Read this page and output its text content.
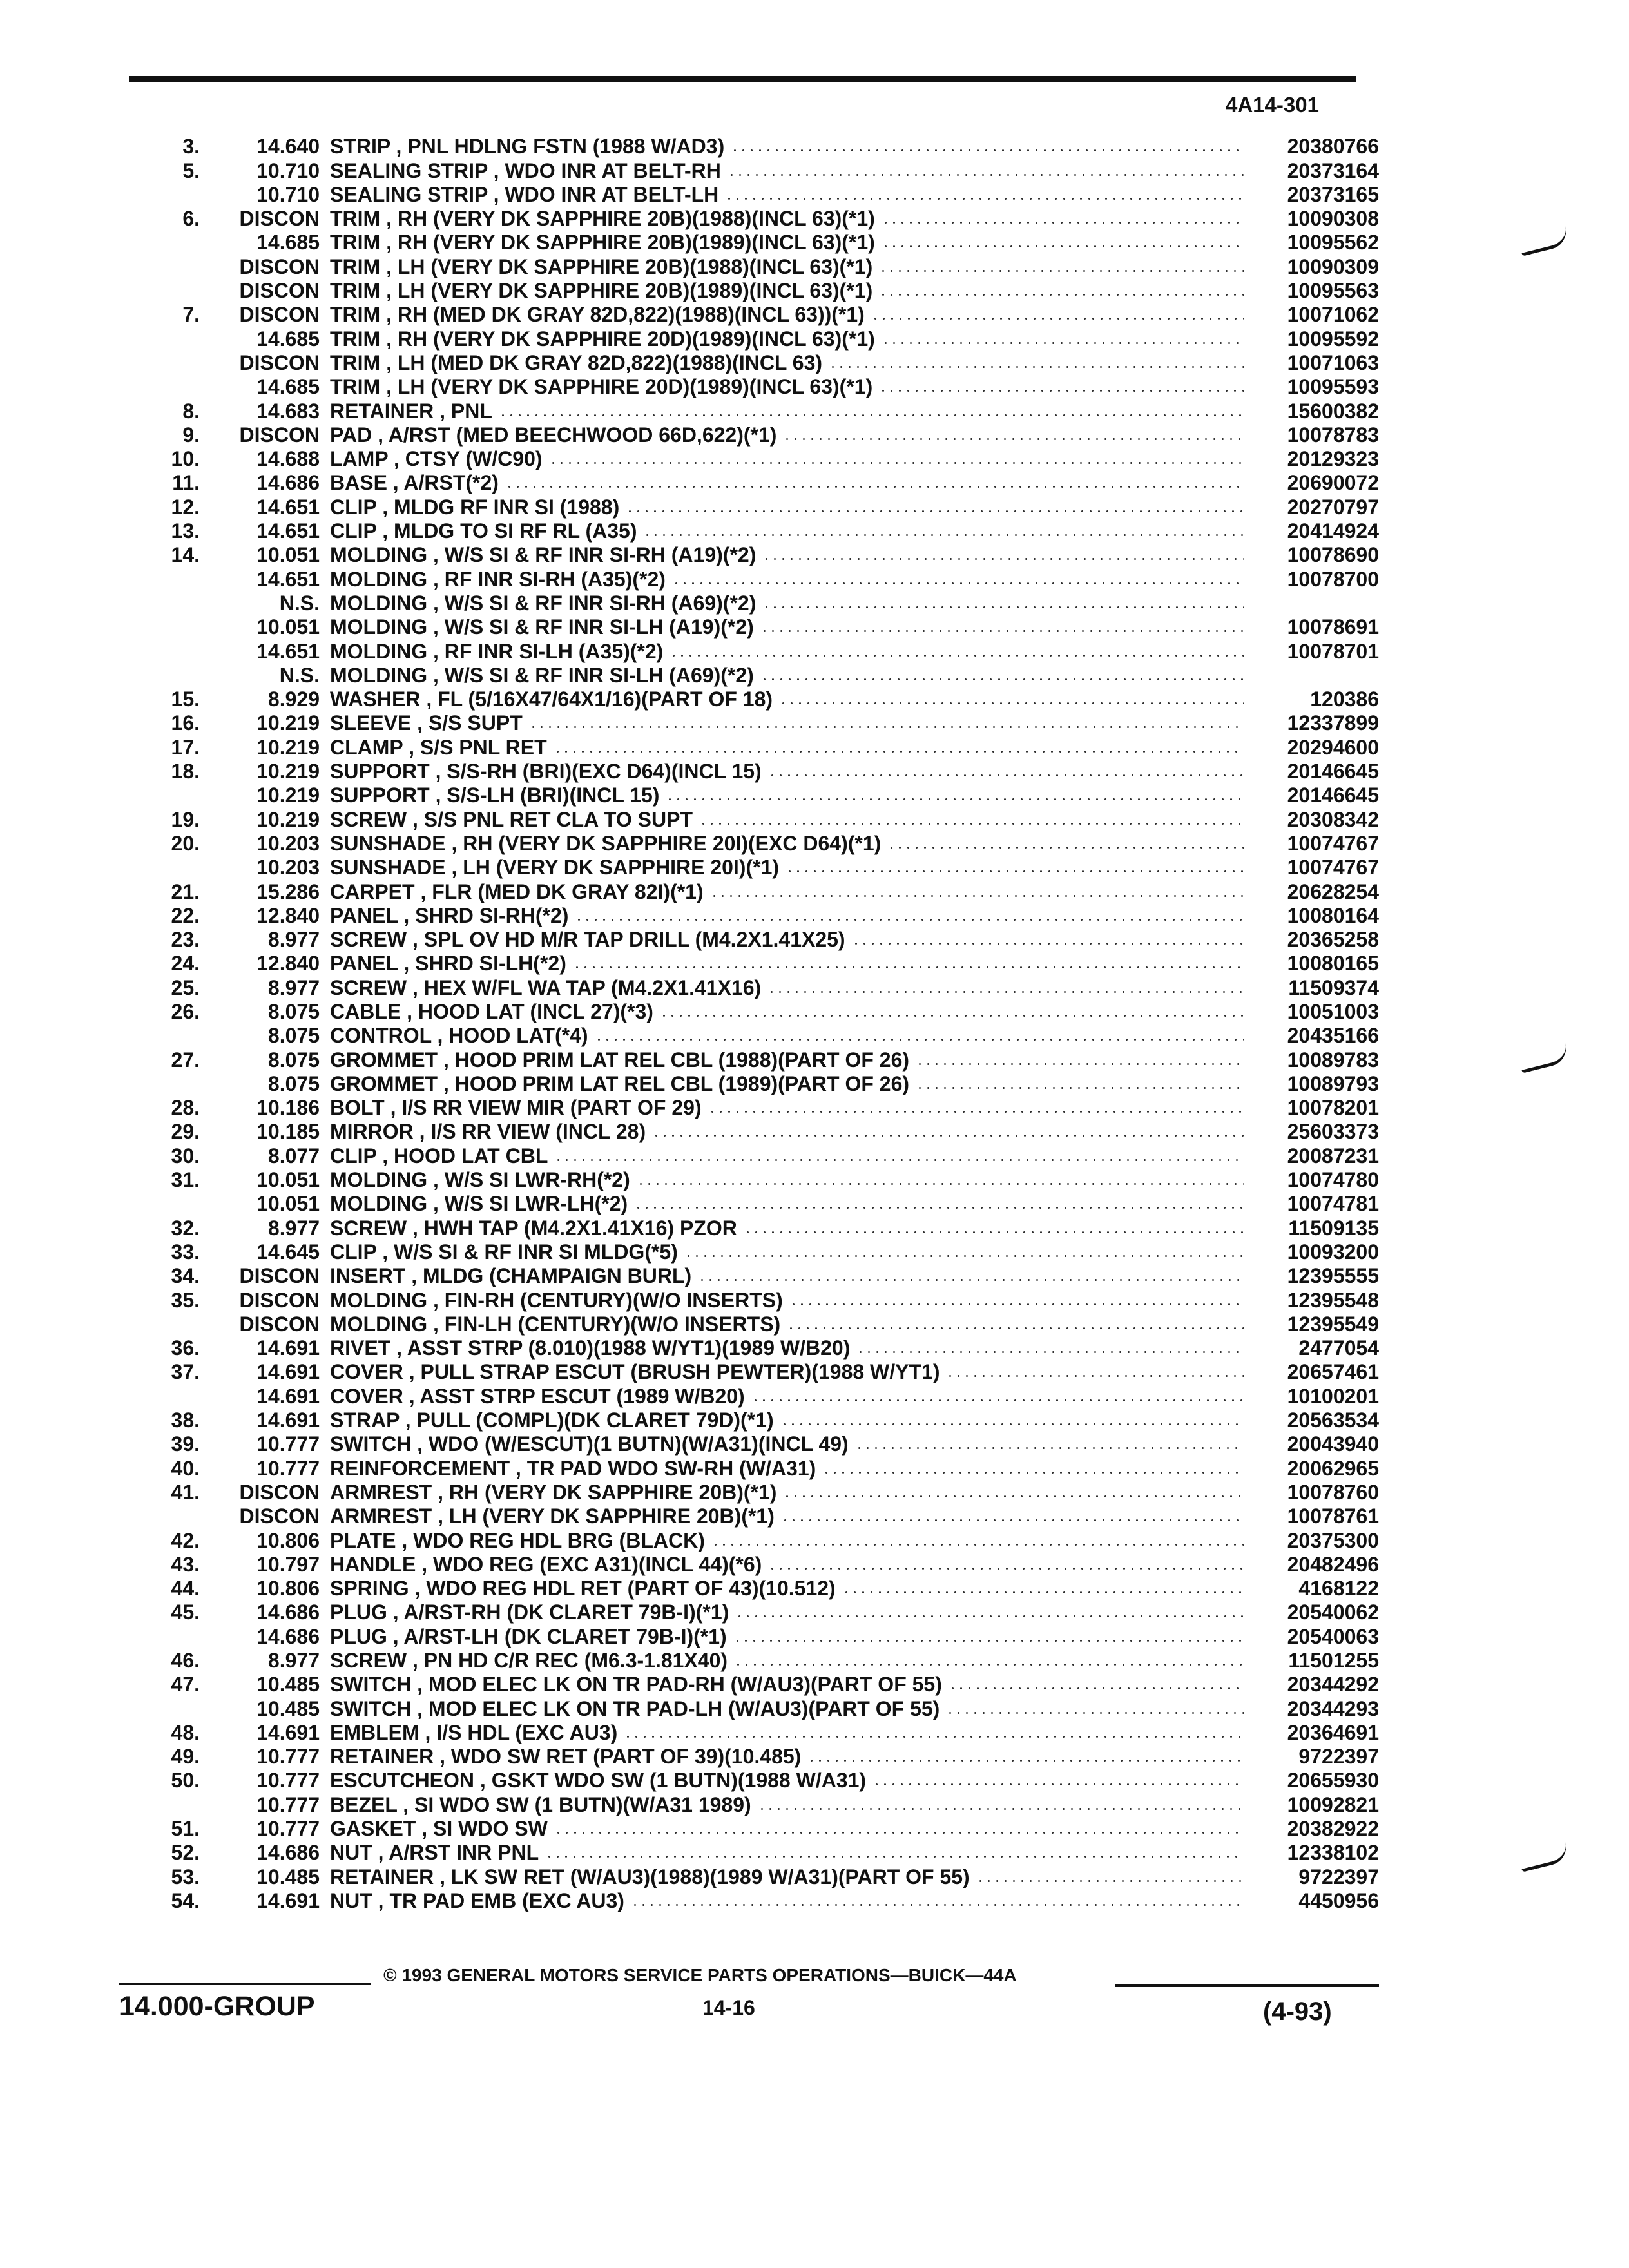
4A14-301
3.	14.640 STRIP , PNL HDLNG FSTN (1988 W/AD3)	20380766
5.	10.710 SEALING STRIP , WDO INR AT BELT-RH	20373164
10.710 SEALING STRIP , WDO INR AT BELT-LH	20373165
6.	DISCON TRIM , RH (VERY DK SAPPHIRE 20B)(1988)(INCL 63)(*1)	10090308
14.685 TRIM , RH (VERY DK SAPPHIRE 20B)(1989)(INCL 63)(*1)	10095562
DISCON TRIM , LH (VERY DK SAPPHIRE 20B)(1988)(INCL 63)(*1)	10090309
DISCON TRIM , LH (VERY DK SAPPHIRE 20B)(1989)(INCL 63)(*1)	10095563
7.	DISCON TRIM , RH (MED DK GRAY 82D,822)(1988)(INCL 63))(*1)	10071062
14.685 TRIM , RH (VERY DK SAPPHIRE 20D)(1989)(INCL 63)(*1)	10095592
DISCON TRIM , LH (MED DK GRAY 82D,822)(1988)(INCL 63)	10071063
14.685 TRIM , LH (VERY DK SAPPHIRE 20D)(1989)(INCL 63)(*1)	10095593
8.	14.683 RETAINER , PNL	15600382
9.	DISCON PAD , A/RST (MED BEECHWOOD 66D,622)(*1)	10078783
10.	14.688 LAMP , CTSY (W/C90)	20129323
11.	14.686 BASE , A/RST(*2)	20690072
12.	14.651 CLIP , MLDG RF INR SI (1988)	20270797
13.	14.651 CLIP , MLDG TO SI RF RL (A35)	20414924
14.	10.051 MOLDING , W/S SI & RF INR SI-RH (A19)(*2)	10078690
14.651 MOLDING , RF INR SI-RH (A35)(*2)	10078700
N.S. MOLDING , W/S SI & RF INR SI-RH (A69)(*2)
10.051 MOLDING , W/S SI & RF INR SI-LH (A19)(*2)	10078691
14.651 MOLDING , RF INR SI-LH (A35)(*2)	10078701
N.S. MOLDING , W/S SI & RF INR SI-LH (A69)(*2)
15.	8.929 WASHER , FL (5/16X47/64X1/16)(PART OF 18)	120386
16.	10.219 SLEEVE , S/S SUPT	12337899
17.	10.219 CLAMP , S/S PNL RET	20294600
18.	10.219 SUPPORT , S/S-RH (BRI)(EXC D64)(INCL 15)	20146645
10.219 SUPPORT , S/S-LH (BRI)(INCL 15)	20146645
19.	10.219 SCREW , S/S PNL RET CLA TO SUPT	20308342
20.	10.203 SUNSHADE , RH (VERY DK SAPPHIRE 20I)(EXC D64)(*1)	10074767
10.203 SUNSHADE , LH (VERY DK SAPPHIRE 20I)(*1)	10074767
21.	15.286 CARPET , FLR (MED DK GRAY 82I)(*1)	20628254
22.	12.840 PANEL , SHRD SI-RH(*2)	10080164
23.	8.977 SCREW , SPL OV HD M/R TAP DRILL (M4.2X1.41X25)	20365258
24.	12.840 PANEL , SHRD SI-LH(*2)	10080165
25.	8.977 SCREW , HEX W/FL WA TAP (M4.2X1.41X16)	11509374
26.	8.075 CABLE , HOOD LAT (INCL 27)(*3)	10051003
8.075 CONTROL , HOOD LAT(*4)	20435166
27.	8.075 GROMMET , HOOD PRIM LAT REL CBL (1988)(PART OF 26)	10089783
8.075 GROMMET , HOOD PRIM LAT REL CBL (1989)(PART OF 26)	10089793
28.	10.186 BOLT , I/S RR VIEW MIR (PART OF 29)	10078201
29.	10.185 MIRROR , I/S RR VIEW (INCL 28)	25603373
30.	8.077 CLIP , HOOD LAT CBL	20087231
31.	10.051 MOLDING , W/S SI LWR-RH(*2)	10074780
10.051 MOLDING , W/S SI LWR-LH(*2)	10074781
32.	8.977 SCREW , HWH TAP (M4.2X1.41X16) PZOR	11509135
33.	14.645 CLIP , W/S SI & RF INR SI MLDG(*5)	10093200
34.	DISCON INSERT , MLDG (CHAMPAIGN BURL)	12395555
35.	DISCON MOLDING , FIN-RH (CENTURY)(W/O INSERTS)	12395548
DISCON MOLDING , FIN-LH (CENTURY)(W/O INSERTS)	12395549
36.	14.691 RIVET , ASST STRP (8.010)(1988 W/YT1)(1989 W/B20)	2477054
37.	14.691 COVER , PULL STRAP ESCUT (BRUSH PEWTER)(1988 W/YT1)	20657461
14.691 COVER , ASST STRP ESCUT (1989 W/B20)	10100201
38.	14.691 STRAP , PULL (COMPL)(DK CLARET 79D)(*1)	20563534
39.	10.777 SWITCH , WDO (W/ESCUT)(1 BUTN)(W/A31)(INCL 49)	20043940
40.	10.777 REINFORCEMENT , TR PAD WDO SW-RH (W/A31)	20062965
41.	DISCON ARMREST , RH (VERY DK SAPPHIRE 20B)(*1)	10078760
DISCON ARMREST , LH (VERY DK SAPPHIRE 20B)(*1)	10078761
42.	10.806 PLATE , WDO REG HDL BRG (BLACK)	20375300
43.	10.797 HANDLE , WDO REG (EXC A31)(INCL 44)(*6)	20482496
44.	10.806 SPRING , WDO REG HDL RET (PART OF 43)(10.512)	4168122
45.	14.686 PLUG , A/RST-RH (DK CLARET 79B-I)(*1)	20540062
14.686 PLUG , A/RST-LH (DK CLARET 79B-I)(*1)	20540063
46.	8.977 SCREW , PN HD C/R REC (M6.3-1.81X40)	11501255
47.	10.485 SWITCH , MOD ELEC LK ON TR PAD-RH (W/AU3)(PART OF 55)	20344292
10.485 SWITCH , MOD ELEC LK ON TR PAD-LH (W/AU3)(PART OF 55)	20344293
48.	14.691 EMBLEM , I/S HDL (EXC AU3)	20364691
49.	10.777 RETAINER , WDO SW RET (PART OF 39)(10.485)	9722397
50.	10.777 ESCUTCHEON , GSKT WDO SW (1 BUTN)(1988 W/A31)	20655930
10.777 BEZEL , SI WDO SW (1 BUTN)(W/A31 1989)	10092821
51.	10.777 GASKET , SI WDO SW	20382922
52.	14.686 NUT , A/RST INR PNL	12338102
53.	10.485 RETAINER , LK SW RET (W/AU3)(1988)(1989 W/A31)(PART OF 55)	9722397
54.	14.691 NUT , TR PAD EMB (EXC AU3)	4450956
© 1993 GENERAL MOTORS SERVICE PARTS OPERATIONS—BUICK—44A
14.000-GROUP	14-16	(4-93)
